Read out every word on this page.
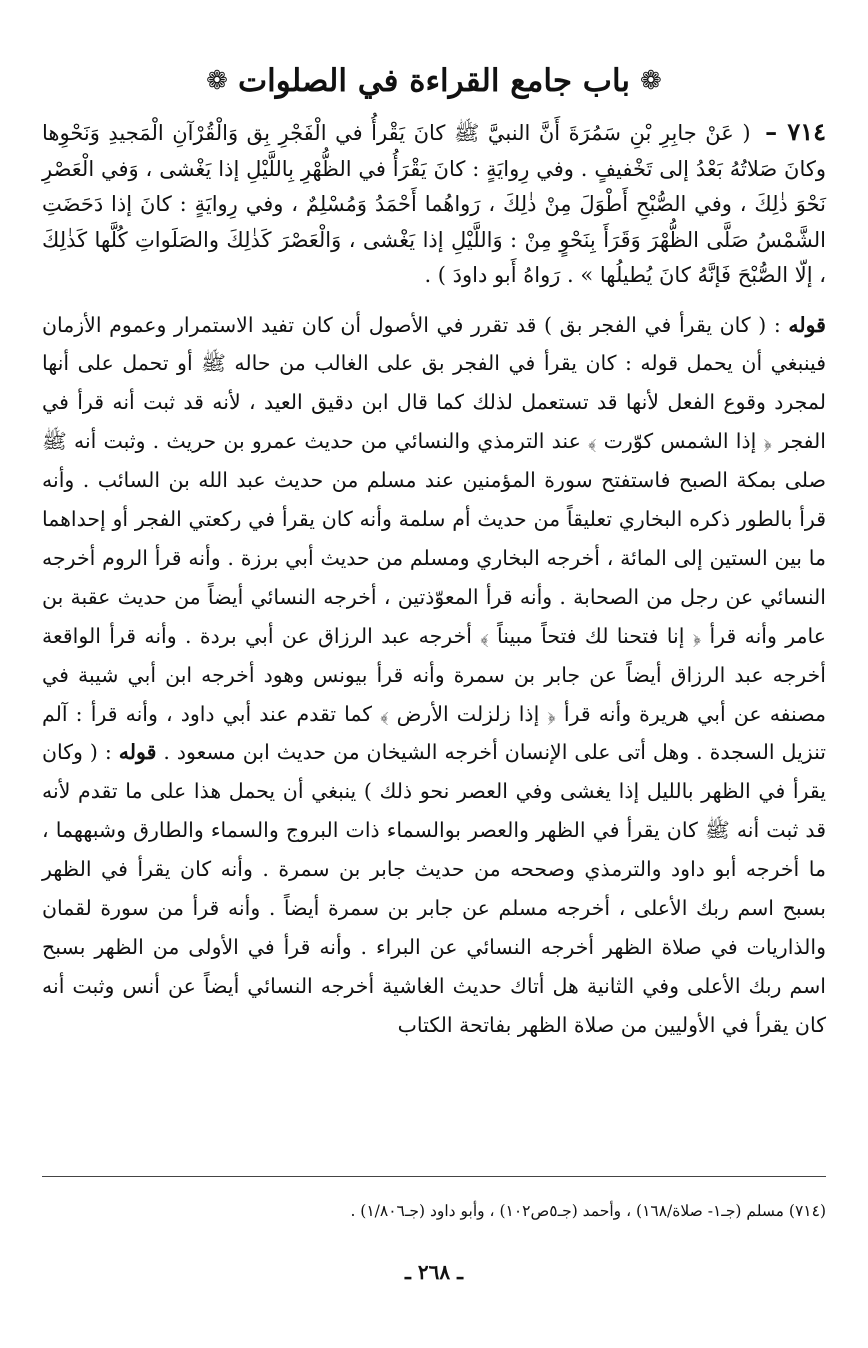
❁
باب جامع القراءة في الصلوات
❁
٧١٤ – ( عَنْ جابِرِ بْنِ سَمُرَةَ أَنَّ النبيَّ ﷺ كانَ يَقْرأُ في الْفَجْرِ بِق وَالْقُرْآنِ الْمَجيدِ وَنَحْوِها وكانَ صَلاتُهُ بَعْدُ إلى تَخْفيفٍ . وفي رِوايَةٍ : كانَ يَقْرَأُ في الظُّهْرِ بِاللَّيْلِ إذا يَغْشى ، وَفي الْعَصْرِ نَحْوَ ذٰلِكَ ، وفي الصُّبْحِ أَطْوَلَ مِنْ ذٰلِكَ ، رَواهُما أَحْمَدُ وَمُسْلِمٌ ، وفي رِوايَةٍ : كانَ إذا دَحَضَتِ الشَّمْسُ صَلَّى الظُّهْرَ وَقَرَأَ بِنَحْوٍ مِنْ : وَاللَّيْلِ إذا يَغْشى ، وَالْعَصْرَ كَذٰلِكَ والصَلَواتِ كُلَّها كَذٰلِكَ ، إلّا الصُّبْحَ فَإنَّهُ كانَ يُطيلُها » . رَواهُ أَبو داودَ ) .
قوله : ( كان يقرأ في الفجر بق ) قد تقرر في الأصول أن كان تفيد الاستمرار وعموم الأزمان فينبغي أن يحمل قوله : كان يقرأ في الفجر بق على الغالب من حاله ﷺ أو تحمل على أنها لمجرد وقوع الفعل لأنها قد تستعمل لذلك كما قال ابن دقيق العيد ، لأنه قد ثبت أنه قرأ في الفجر ﴿ إذا الشمس كوّرت ﴾ عند الترمذي والنسائي من حديث عمرو بن حريث . وثبت أنه ﷺ صلى بمكة الصبح فاستفتح سورة المؤمنين عند مسلم من حديث عبد الله بن السائب . وأنه قرأ بالطور ذكره البخاري تعليقاً من حديث أم سلمة وأنه كان يقرأ في ركعتي الفجر أو إحداهما ما بين الستين إلى المائة ، أخرجه البخاري ومسلم من حديث أبي برزة . وأنه قرأ الروم أخرجه النسائي عن رجل من الصحابة . وأنه قرأ المعوّذتين ، أخرجه النسائي أيضاً من حديث عقبة بن عامر وأنه قرأ ﴿ إنا فتحنا لك فتحاً مبيناً ﴾ أخرجه عبد الرزاق عن أبي بردة . وأنه قرأ الواقعة أخرجه عبد الرزاق أيضاً عن جابر بن سمرة وأنه قرأ بيونس وهود أخرجه ابن أبي شيبة في مصنفه عن أبي هريرة وأنه قرأ ﴿ إذا زلزلت الأرض ﴾ كما تقدم عند أبي داود ، وأنه قرأ : آلم تنزيل السجدة . وهل أتى على الإنسان أخرجه الشيخان من حديث ابن مسعود . قوله : ( وكان يقرأ في الظهر بالليل إذا يغشى وفي العصر نحو ذلك ) ينبغي أن يحمل هذا على ما تقدم لأنه قد ثبت أنه ﷺ كان يقرأ في الظهر والعصر بوالسماء ذات البروج والسماء والطارق وشبههما ، ما أخرجه أبو داود والترمذي وصححه من حديث جابر بن سمرة . وأنه كان يقرأ في الظهر بسبح اسم ربك الأعلى ، أخرجه مسلم عن جابر بن سمرة أيضاً . وأنه قرأ من سورة لقمان والذاريات في صلاة الظهر أخرجه النسائي عن البراء . وأنه قرأ في الأولى من الظهر بسبح اسم ربك الأعلى وفي الثانية هل أتاك حديث الغاشية أخرجه النسائي أيضاً عن أنس وثبت أنه كان يقرأ في الأوليين من صلاة الظهر بفاتحة الكتاب
(٧١٤) مسلم (جـ١- صلاة/١٦٨) ، وأحمد (جـ٥ص١٠٢) ، وأبو داود (جـ١/٨٠٦) .
ـ ٢٦٨ ـ
